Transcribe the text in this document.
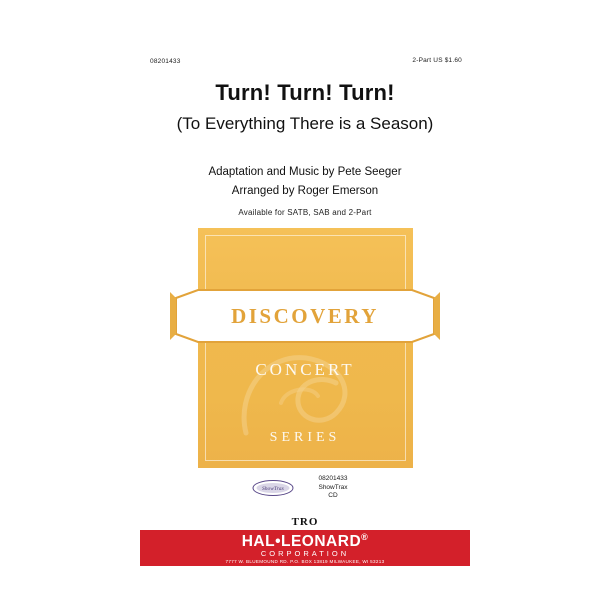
08201433	2-Part US $1.60
Turn! Turn! Turn!
(To Everything There is a Season)
Adaptation and Music by Pete Seeger
Arranged by Roger Emerson
Available for SATB, SAB and 2-Part
DISCOVERY
CONCERT
SERIES
ShowTrax
08201433
ShowTrax
CD
TRO
HAL•LEONARD®
CORPORATION
7777 W. BLUEMOUND RD. P.O. BOX 13819 MILWAUKEE, WI 53213
